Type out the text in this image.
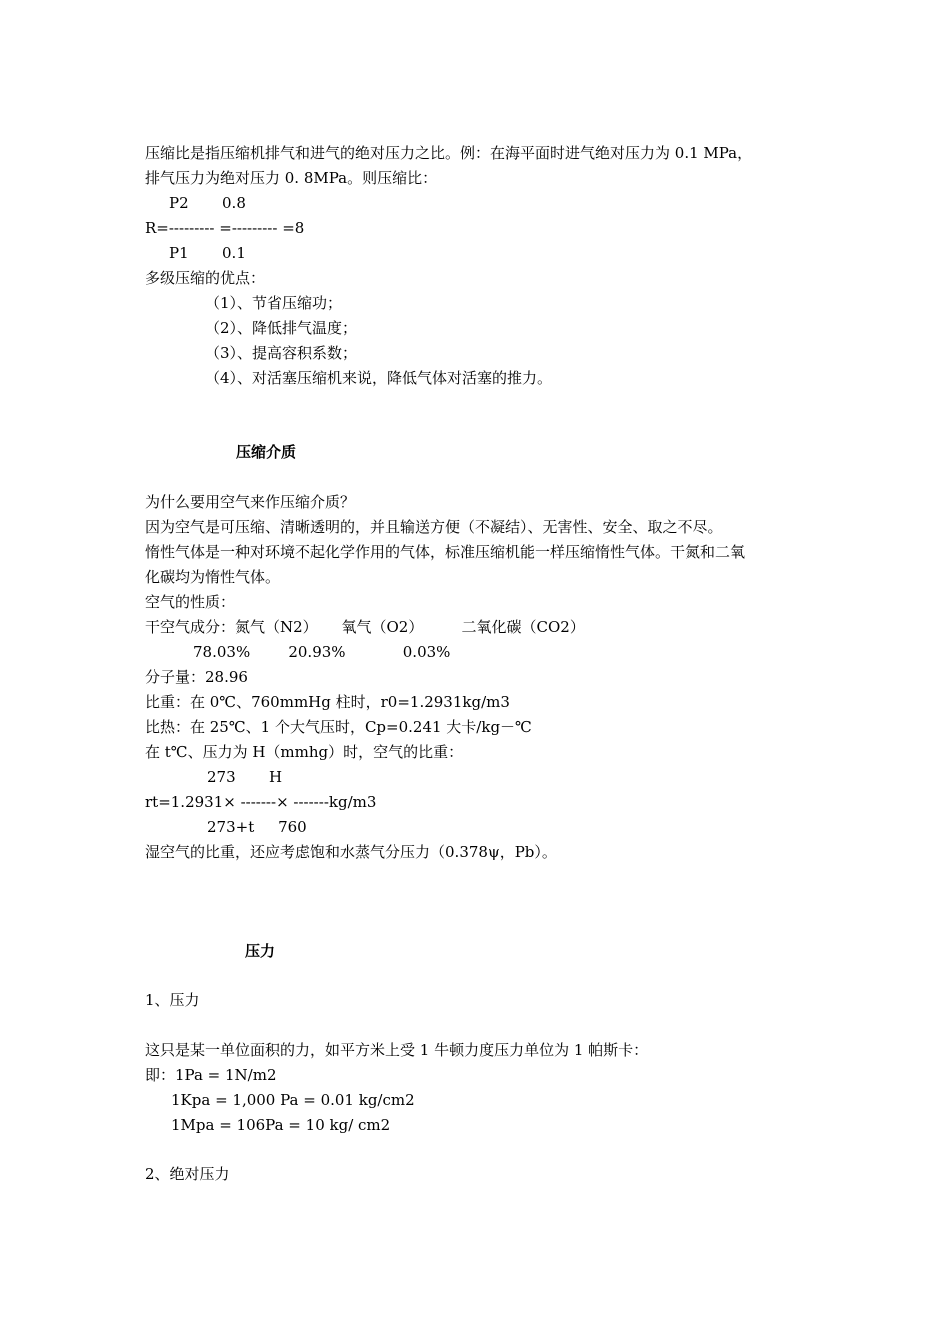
压缩比是指压缩机排气和进气的绝对压力之比。例：在海平面时进气绝对压力为 0.1 MPa，
排气压力为绝对压力 0. 8MPa。则压缩比：
P2       0.8
R=--------- =--------- =8
P1       0.1
多级压缩的优点：
（1）、节省压缩功；
（2）、降低排气温度；
（3）、提高容积系数；
（4）、对活塞压缩机来说，降低气体对活塞的推力。
压缩介质
为什么要用空气来作压缩介质？
因为空气是可压缩、清晰透明的，并且输送方便（不凝结）、无害性、安全、取之不尽。
惰性气体是一种对环境不起化学作用的气体，标准压缩机能一样压缩惰性气体。干氮和二氧
化碳均为惰性气体。
空气的性质：
干空气成分：氮气（N2）     氧气（O2）        二氧化碳（CO2）
78.03%        20.93%            0.03%
分子量：28.96
比重：在 0℃、760mmHg 柱时，r0=1.2931kg/m3
比热：在 25℃、1 个大气压时，Cp=0.241 大卡/kg－℃
在 t℃、压力为 H（mmhg）时，空气的比重：
273       H
rt=1.2931× -------× -------kg/m3
273+t     760
湿空气的比重，还应考虑饱和水蒸气分压力（0.378ψ，Pb）。
压力
1、压力
这只是某一单位面积的力，如平方米上受 1 牛顿力度压力单位为 1 帕斯卡：
即：1Pa = 1N/m2
1Kpa = 1,000 Pa = 0.01 kg/cm2
1Mpa = 106Pa = 10 kg/ cm2
2、绝对压力
